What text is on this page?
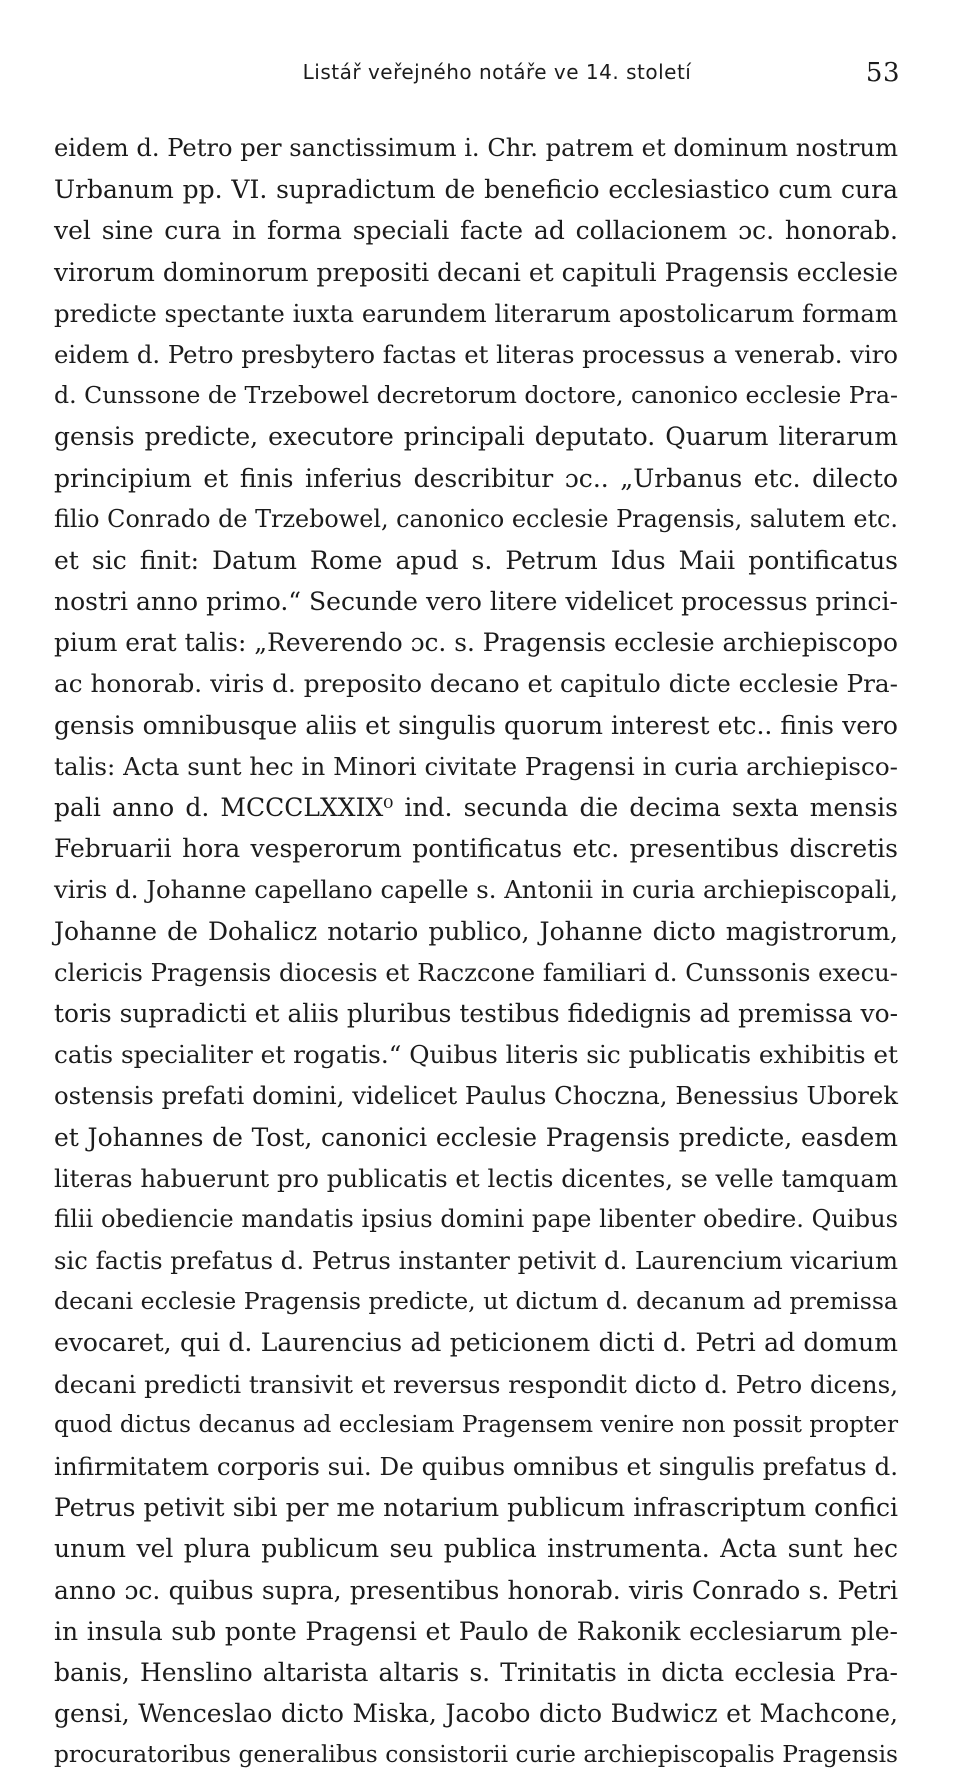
Listář veřejného notáře ve 14. století	53
eidem d. Petro per sanctissimum i. Chr. patrem et dominum nostrum
Urbanum pp. VI. supradictum de beneficio ecclesiastico cum cura
vel sine cura in forma speciali facte ad collacionem ɔc. honorab.
virorum dominorum prepositi decani et capituli Pragensis ecclesie
predicte spectante iuxta earundem literarum apostolicarum formam
eidem d. Petro presbytero factas et literas processus a venerab. viro
d. Cunssone de Trzebowel decretorum doctore, canonico ecclesie Pra-
gensis predicte, executore principali deputato. Quarum literarum
principium et finis inferius describitur ɔc.. „Urbanus etc. dilecto
filio Conrado de Trzebowel, canonico ecclesie Pragensis, salutem etc.
et sic finit: Datum Rome apud s. Petrum Idus Maii pontificatus
nostri anno primo.“ Secunde vero litere videlicet processus princi-
pium erat talis: „Reverendo ɔc. s. Pragensis ecclesie archiepiscopo
ac honorab. viris d. preposito decano et capitulo dicte ecclesie Pra-
gensis omnibusque aliis et singulis quorum interest etc.. finis vero
talis: Acta sunt hec in Minori civitate Pragensi in curia archiepisco-
pali anno d. MCCCLXXIX⁰ ind. secunda die decima sexta mensis
Februarii hora vesperorum pontificatus etc. presentibus discretis
viris d. Johanne capellano capelle s. Antonii in curia archiepiscopali,
Johanne de Dohalicz notario publico, Johanne dicto magistrorum,
clericis Pragensis diocesis et Raczcone familiari d. Cunssonis execu-
toris supradicti et aliis pluribus testibus fidedignis ad premissa vo-
catis specialiter et rogatis.“ Quibus literis sic publicatis exhibitis et
ostensis prefati domini, videlicet Paulus Choczna, Benessius Uborek
et Johannes de Tost, canonici ecclesie Pragensis predicte, easdem
literas habuerunt pro publicatis et lectis dicentes, se velle tamquam
filii obediencie mandatis ipsius domini pape libenter obedire. Quibus
sic factis prefatus d. Petrus instanter petivit d. Laurencium vicarium
decani ecclesie Pragensis predicte, ut dictum d. decanum ad premissa
evocaret, qui d. Laurencius ad peticionem dicti d. Petri ad domum
decani predicti transivit et reversus respondit dicto d. Petro dicens,
quod dictus decanus ad ecclesiam Pragensem venire non possit propter
infirmitatem corporis sui. De quibus omnibus et singulis prefatus d.
Petrus petivit sibi per me notarium publicum infrascriptum confici
unum vel plura publicum seu publica instrumenta. Acta sunt hec
anno ɔc. quibus supra, presentibus honorab. viris Conrado s. Petri
in insula sub ponte Pragensi et Paulo de Rakonik ecclesiarum ple-
banis, Henslino altarista altaris s. Trinitatis in dicta ecclesia Pra-
gensi, Wenceslao dicto Miska, Jacobo dicto Budwicz et Machcone,
procuratoribus generalibus consistorii curie archiepiscopalis Pragensis
